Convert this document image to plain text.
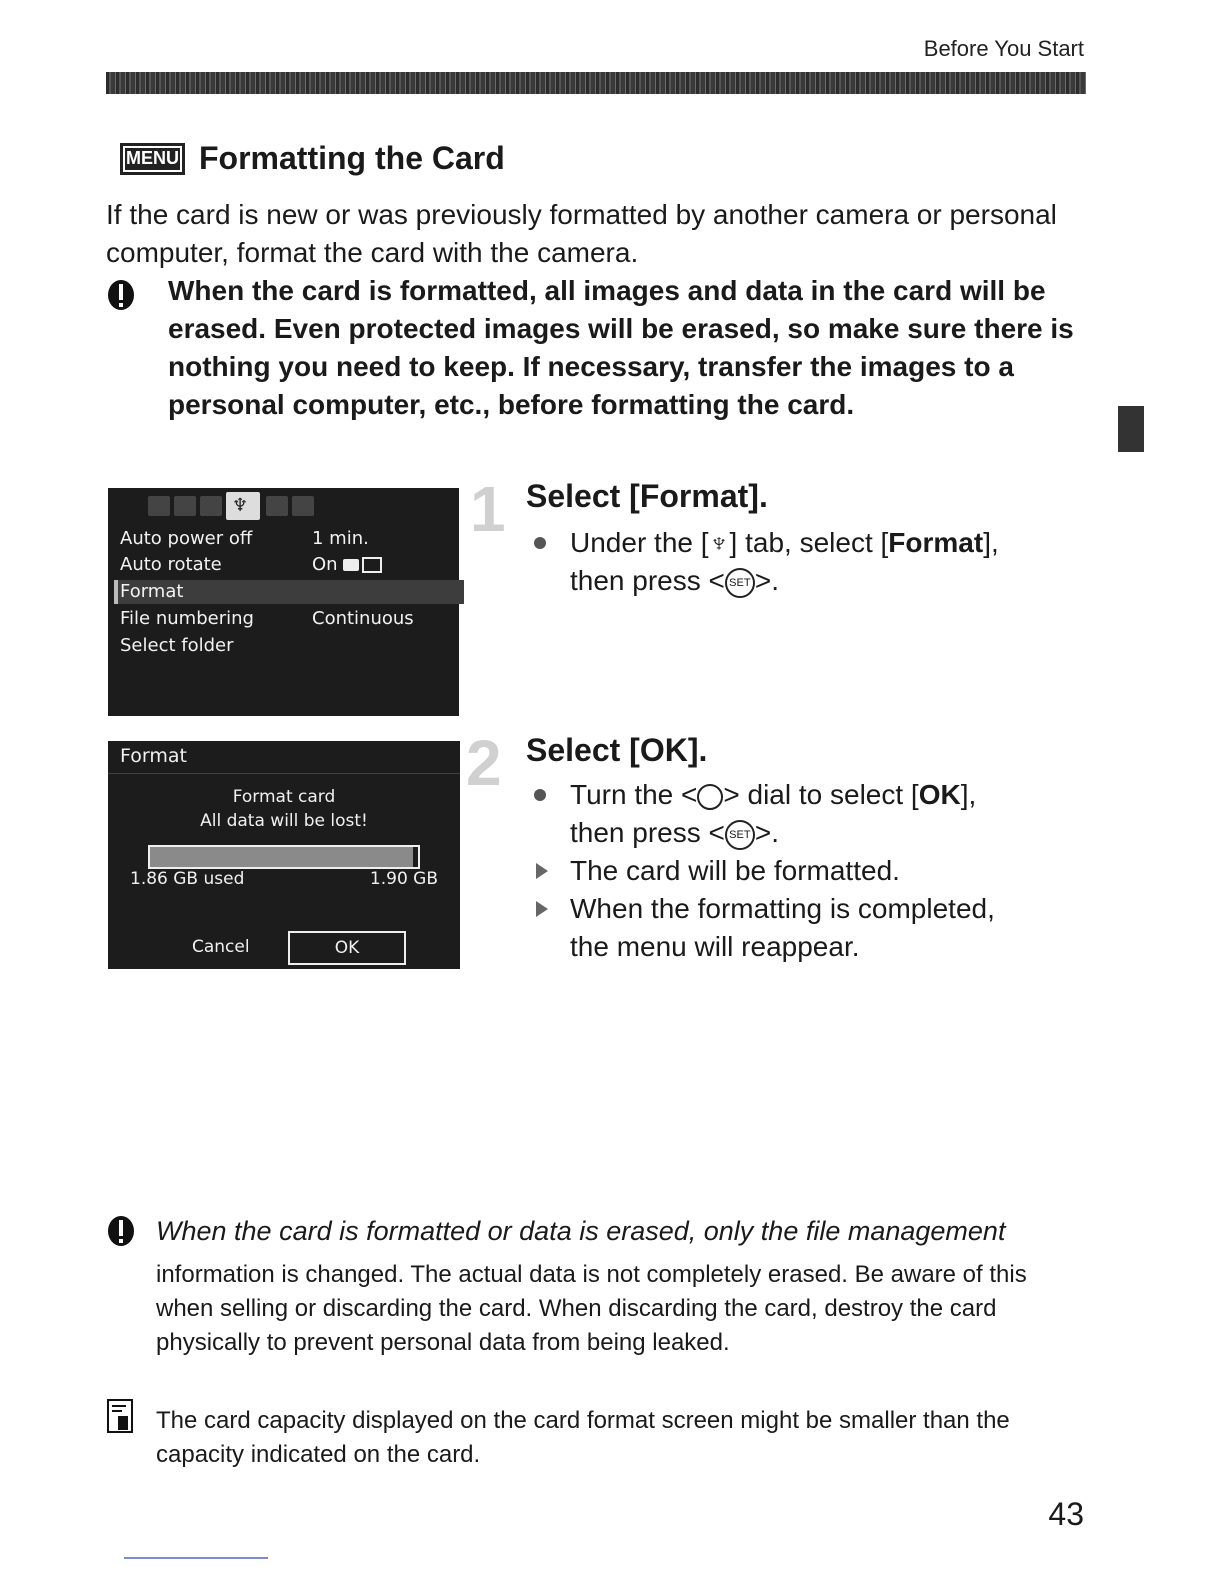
Before You Start
MENU Formatting the Card
If the card is new or was previously formatted by another camera or personal computer, format the card with the camera.
When the card is formatted, all images and data in the card will be erased. Even protected images will be erased, so make sure there is nothing you need to keep. If necessary, transfer the images to a personal computer, etc., before formatting the card.
♆
Auto power off	1 min.
Auto rotate	On
Format
File numbering	Continuous
Select folder
Format
Format card
All data will be lost!
1.86 GB used	1.90 GB
Cancel	OK
1 Select [Format].
Under the [♆] tab, select [Format],
then press < SET >.
2 Select [OK].
Turn the < > dial to select [OK],
then press < SET >.
The card will be formatted.
When the formatting is completed,
the menu will reappear.
When the card is formatted or data is erased, only the file management
information is changed. The actual data is not completely erased. Be aware of this when selling or discarding the card. When discarding the card, destroy the card physically to prevent personal data from being leaked.
The card capacity displayed on the card format screen might be smaller than the capacity indicated on the card.
43
